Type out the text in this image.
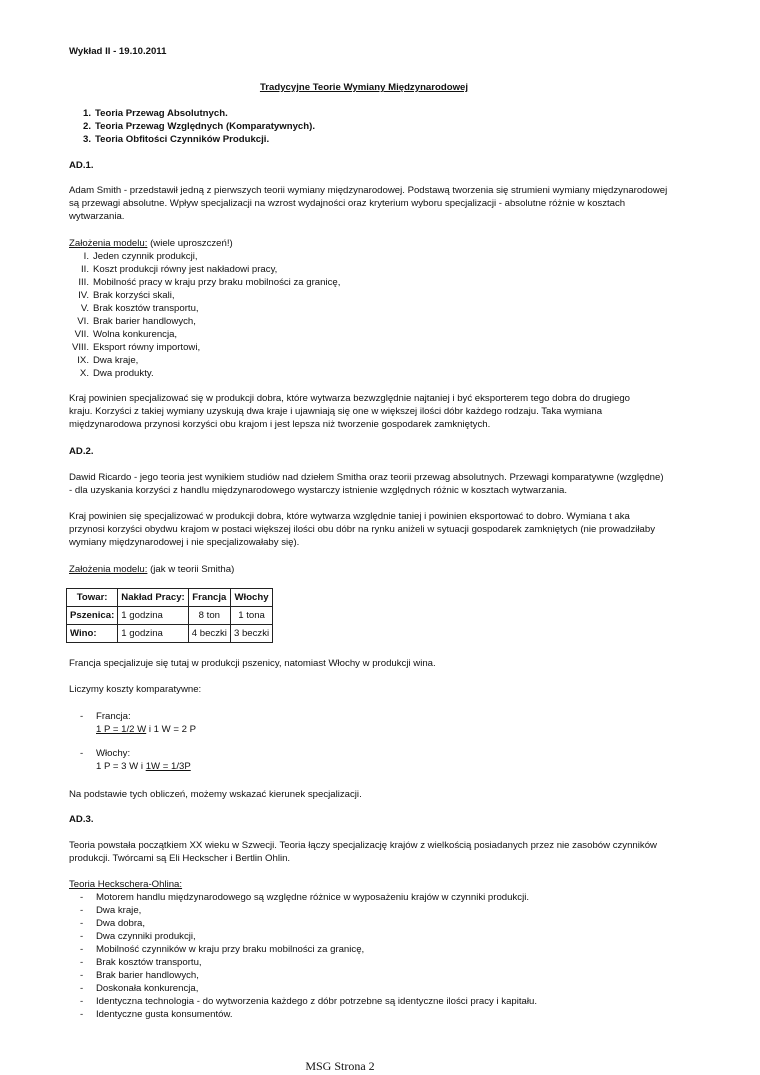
Wykład II - 19.10.2011
Tradycyjne Teorie Wymiany Międzynarodowej
1. Teoria Przewag Absolutnych.
2. Teoria Przewag Względnych (Komparatywnych).
3. Teoria Obfitości Czynników Produkcji.
AD.1.
Adam Smith - przedstawił jedną z pierwszych teorii wymiany międzynarodowej. Podstawą tworzenia się strumieni wymiany międzynarodowej są przewagi absolutne. Wpływ specjalizacji na wzrost wydajności oraz kryterium wyboru specjalizacji - absolutne różnie w kosztach wytwarzania.
Założenia modelu: (wiele uproszczeń!)
I. Jeden czynnik produkcji,
II. Koszt produkcji równy jest nakładowi pracy,
III. Mobilność pracy w kraju przy braku mobilności za granicę,
IV. Brak korzyści skali,
V. Brak kosztów transportu,
VI. Brak barier handlowych,
VII. Wolna konkurencja,
VIII. Eksport równy importowi,
IX. Dwa kraje,
X. Dwa produkty.
Kraj powinien specjalizować się w produkcji dobra, które wytwarza bezwzględnie najtaniej i być eksporterem tego dobra do drugiego kraju. Korzyści z takiej wymiany uzyskują dwa kraje i ujawniają się one w większej ilości dóbr każdego rodzaju. Taka wymiana międzynarodowa przynosi korzyści obu krajom i jest lepsza niż tworzenie gospodarek zamkniętych.
AD.2.
Dawid Ricardo - jego teoria jest wynikiem studiów nad dziełem Smitha oraz teorii przewag absolutnych. Przewagi komparatywne (względne) - dla uzyskania korzyści z handlu międzynarodowego wystarczy istnienie względnych różnic w kosztach wytwarzania.
Kraj powinien się specjalizować w produkcji dobra, które wytwarza względnie taniej i powinien eksportować to dobro. Wymiana t aka przynosi korzyści obydwu krajom w postaci większej ilości obu dóbr na rynku aniżeli w sytuacji gospodarek zamkniętych (nie prowadziłaby wymiany międzynarodowej i nie specjalizowałaby się).
Założenia modelu: (jak w teorii Smitha)
Towar:	Nakład Pracy:	Francja	Włochy
Pszenica:	1 godzina	8 ton	1 tona
Wino:	1 godzina	4 beczki	3 beczki
Francja specjalizuje się tutaj w produkcji pszenicy, natomiast Włochy w produkcji wina.
Liczymy koszty komparatywne:
-	Francja:
1 P = 1/2 W i 1 W = 2 P
-	Włochy:
1 P = 3 W i 1W = 1/3P
Na podstawie tych obliczeń, możemy wskazać kierunek specjalizacji.
AD.3.
Teoria powstała początkiem XX wieku w Szwecji. Teoria łączy specjalizację krajów z wielkością posiadanych przez nie zasobów czynników produkcji. Twórcami są Eli Heckscher i Bertlin Ohlin.
Teoria Heckschera-Ohlina:
-	Motorem handlu międzynarodowego są względne różnice w wyposażeniu krajów w czynniki produkcji.
-	Dwa kraje,
-	Dwa dobra,
-	Dwa czynniki produkcji,
-	Mobilność czynników w kraju przy braku mobilności za granicę,
-	Brak kosztów transportu,
-	Brak barier handlowych,
-	Doskonała konkurencja,
-	Identyczna technologia - do wytworzenia każdego z dóbr potrzebne są identyczne ilości pracy i kapitału.
-	Identyczne gusta konsumentów.
MSG Strona 2
